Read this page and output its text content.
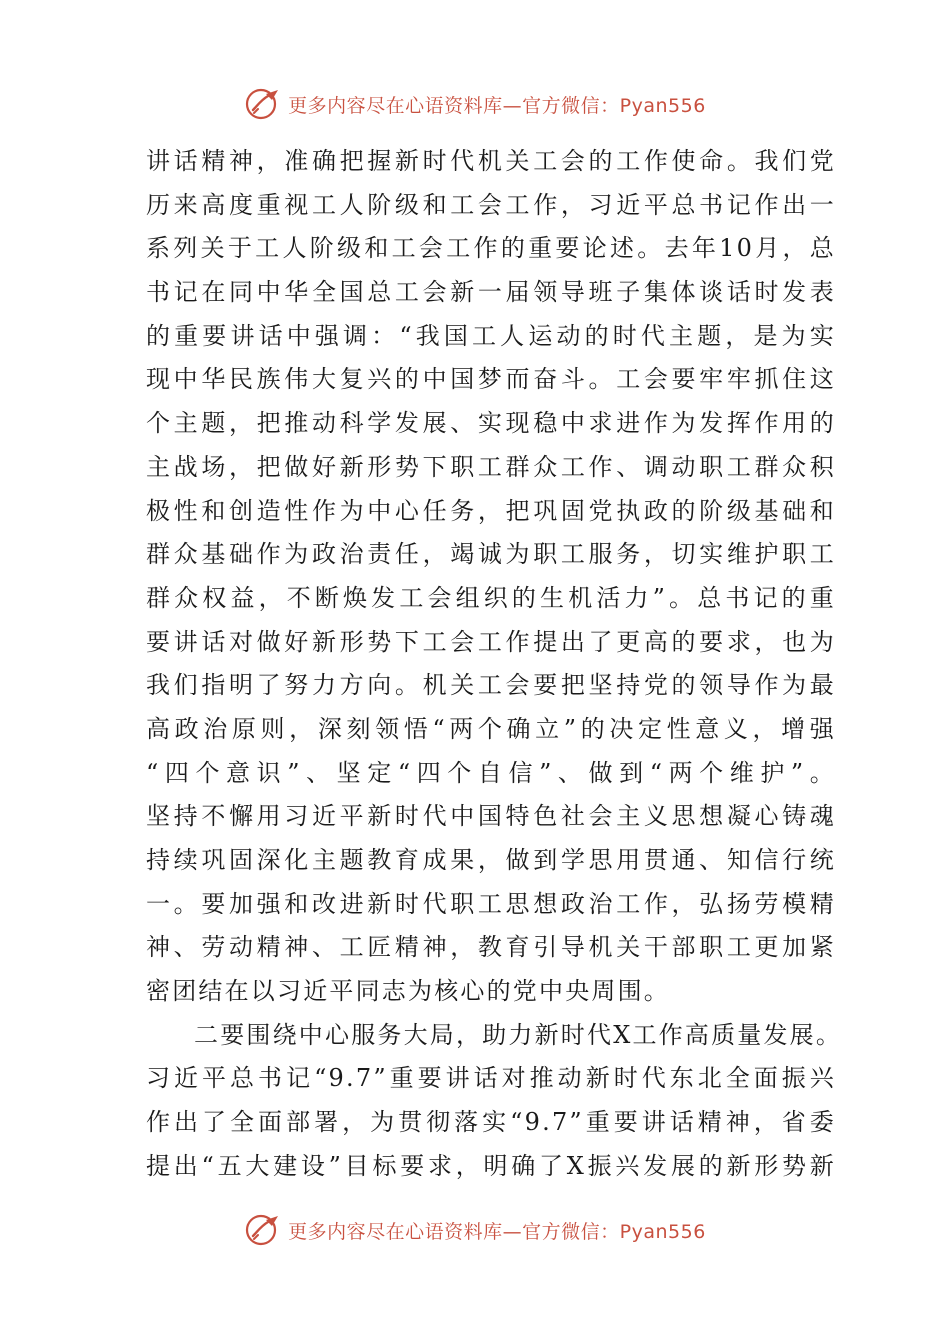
更多内容尽在心语资料库—官方微信：Pyan556
讲话精神，准确把握新时代机关工会的工作使命。我们党
历来高度重视工人阶级和工会工作，习近平总书记作出一
系列关于工人阶级和工会工作的重要论述。去年10月，总
书记在同中华全国总工会新一届领导班子集体谈话时发表
的重要讲话中强调：“我国工人运动的时代主题，是为实
现中华民族伟大复兴的中国梦而奋斗。工会要牢牢抓住这
个主题，把推动科学发展、实现稳中求进作为发挥作用的
主战场，把做好新形势下职工群众工作、调动职工群众积
极性和创造性作为中心任务，把巩固党执政的阶级基础和
群众基础作为政治责任，竭诚为职工服务，切实维护职工
群众权益，不断焕发工会组织的生机活力”。总书记的重
要讲话对做好新形势下工会工作提出了更高的要求，也为
我们指明了努力方向。机关工会要把坚持党的领导作为最
高政治原则，深刻领悟“两个确立”的决定性意义，增强
“四个意识”、坚定“四个自信”、做到“两个维护”。
坚持不懈用习近平新时代中国特色社会主义思想凝心铸魂
持续巩固深化主题教育成果，做到学思用贯通、知信行统
一。要加强和改进新时代职工思想政治工作，弘扬劳模精
神、劳动精神、工匠精神，教育引导机关干部职工更加紧
密团结在以习近平同志为核心的党中央周围。
二要围绕中心服务大局，助力新时代X工作高质量发展。
习近平总书记“9.7”重要讲话对推动新时代东北全面振兴
作出了全面部署，为贯彻落实“9.7”重要讲话精神，省委
提出“五大建设”目标要求，明确了X振兴发展的新形势新
更多内容尽在心语资料库—官方微信：Pyan556
